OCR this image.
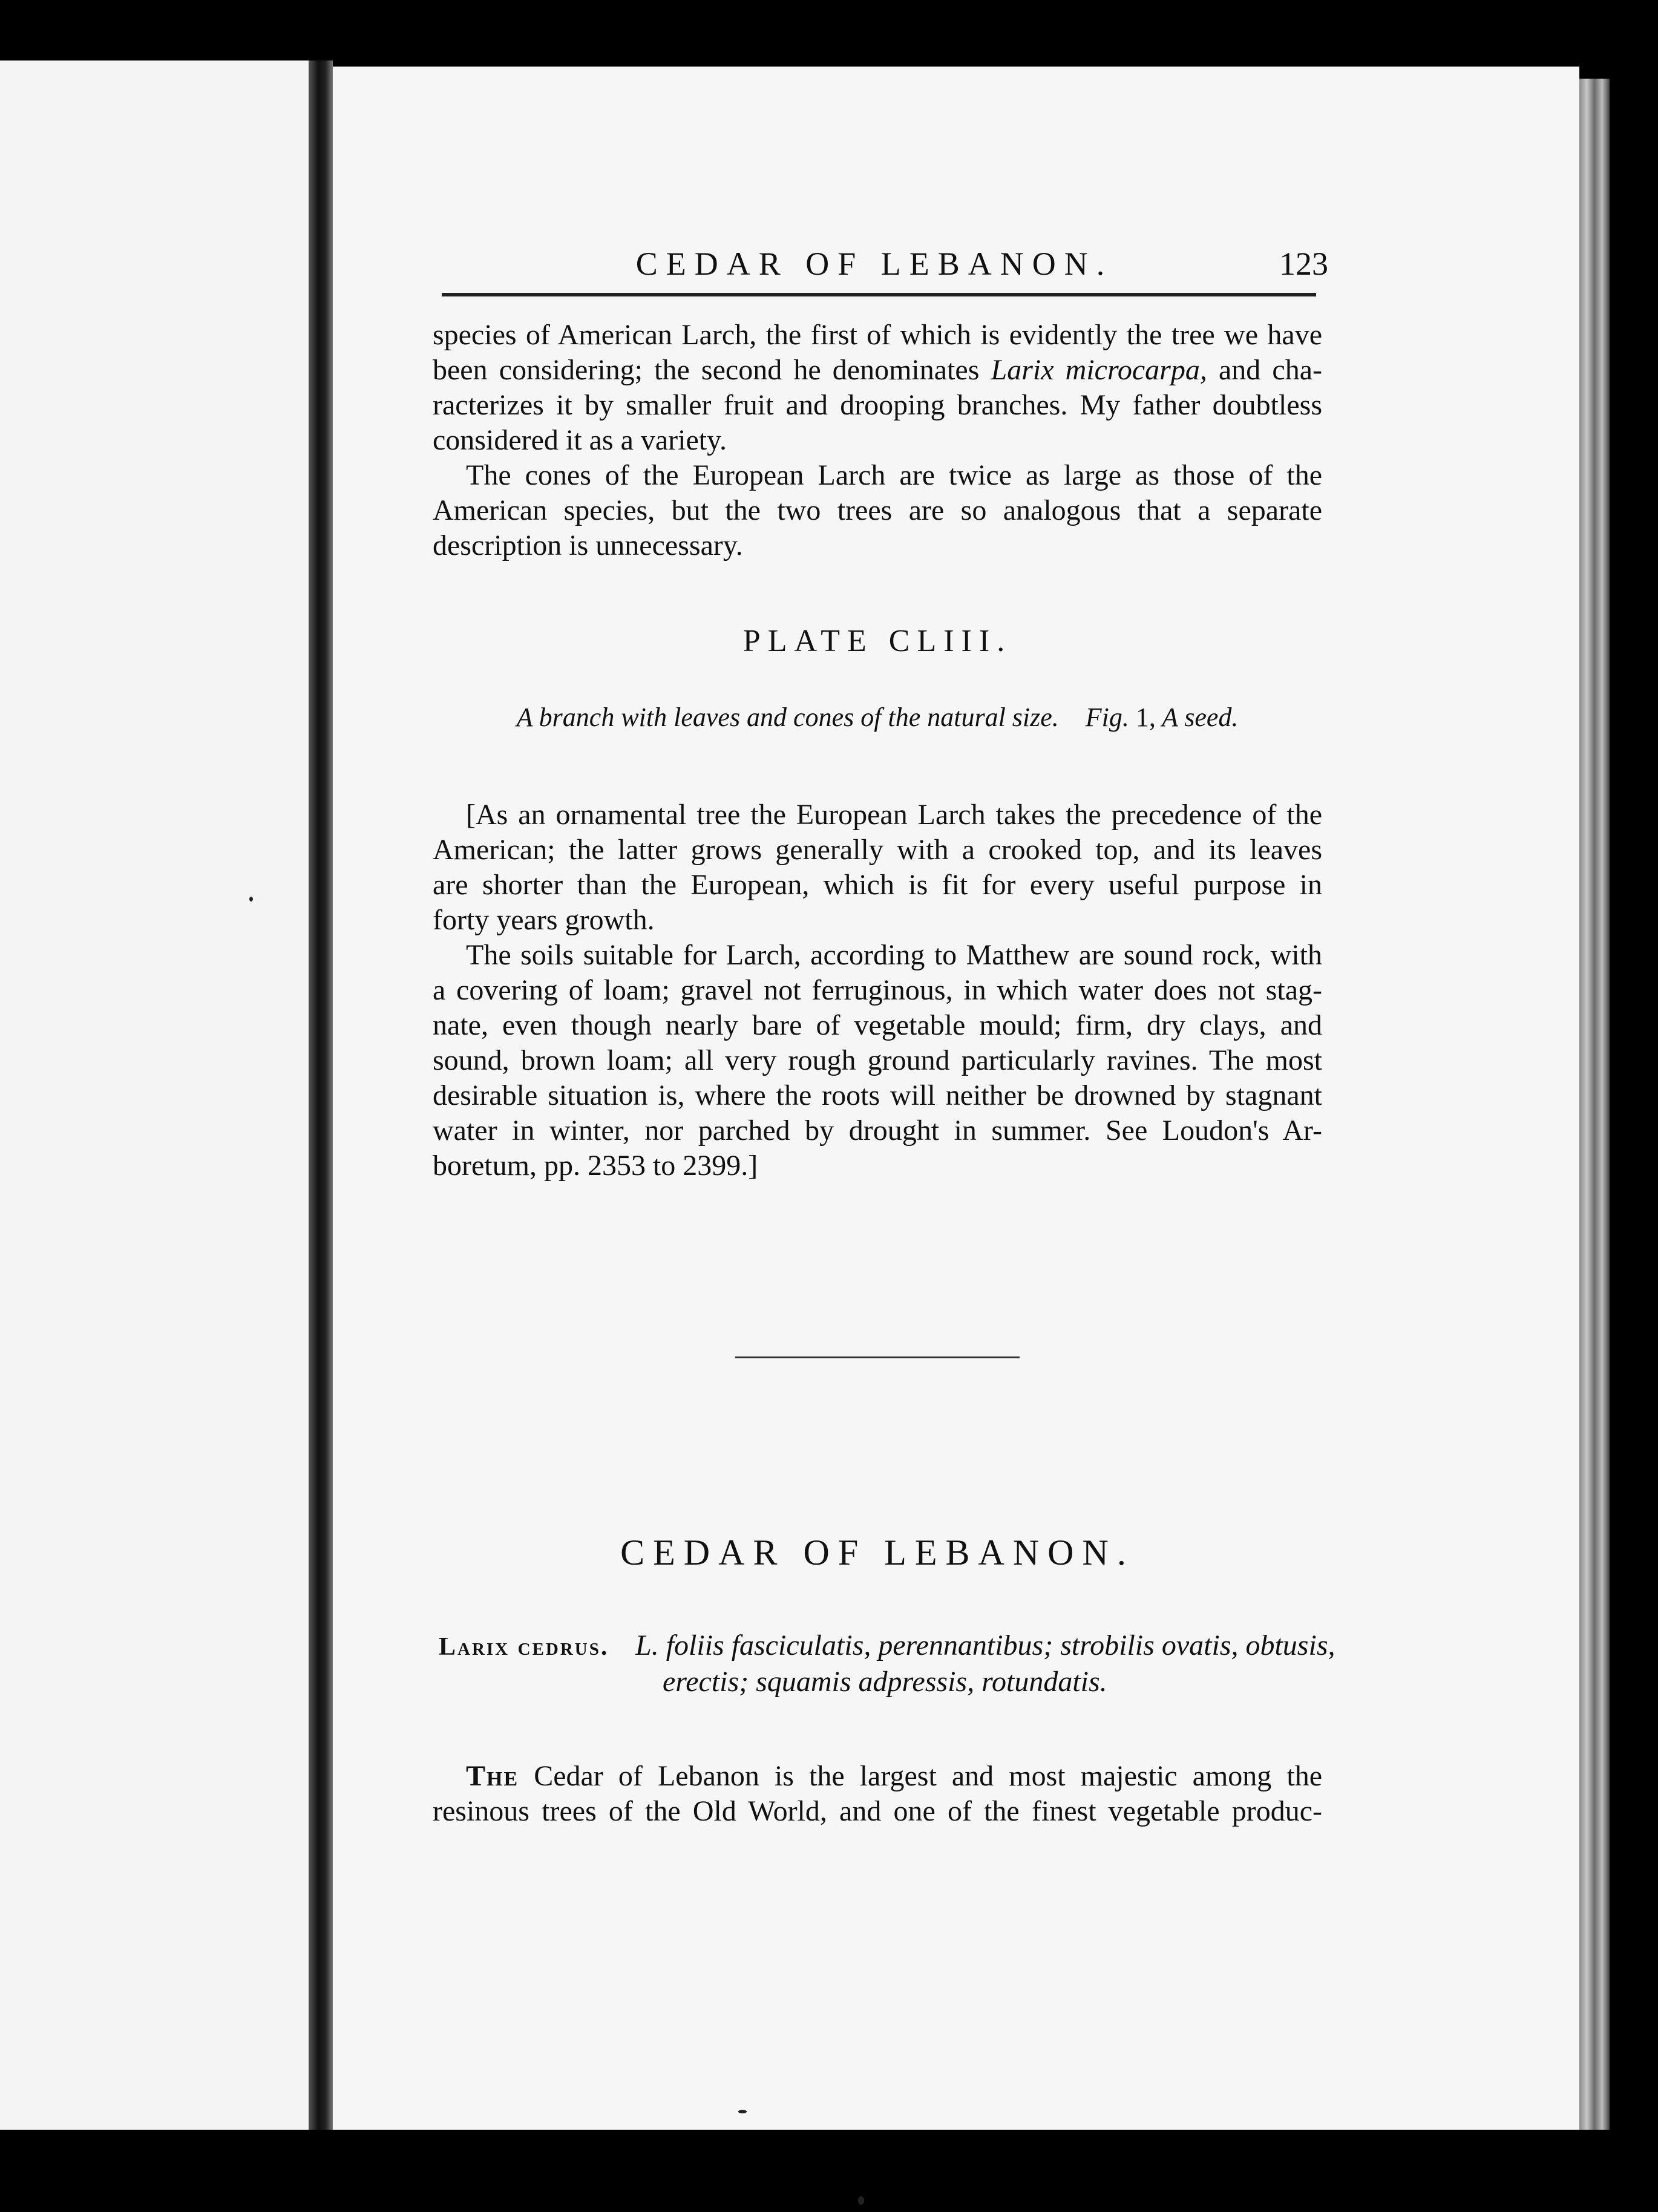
CEDAR OF LEBANON.	123
species of American Larch, the first of which is evidently the tree we have
been considering; the second he denominates Larix microcarpa, and cha-
racterizes it by smaller fruit and drooping branches. My father doubtless
considered it as a variety.
The cones of the European Larch are twice as large as those of the
American species, but the two trees are so analogous that a separate
description is unnecessary.
PLATE CLIII.
A branch with leaves and cones of the natural size. Fig. 1, A seed.
[As an ornamental tree the European Larch takes the precedence of the
American; the latter grows generally with a crooked top, and its leaves
are shorter than the European, which is fit for every useful purpose in
forty years growth.
The soils suitable for Larch, according to Matthew are sound rock, with
a covering of loam; gravel not ferruginous, in which water does not stag-
nate, even though nearly bare of vegetable mould; firm, dry clays, and
sound, brown loam; all very rough ground particularly ravines. The most
desirable situation is, where the roots will neither be drowned by stagnant
water in winter, nor parched by drought in summer. See Loudon's Ar-
boretum, pp. 2353 to 2399.]
CEDAR OF LEBANON.
Larix cedrus. L. foliis fasciculatis, perennantibus; strobilis ovatis, obtusis,
erectis; squamis adpressis, rotundatis.
The Cedar of Lebanon is the largest and most majestic among the
resinous trees of the Old World, and one of the finest vegetable produc-
